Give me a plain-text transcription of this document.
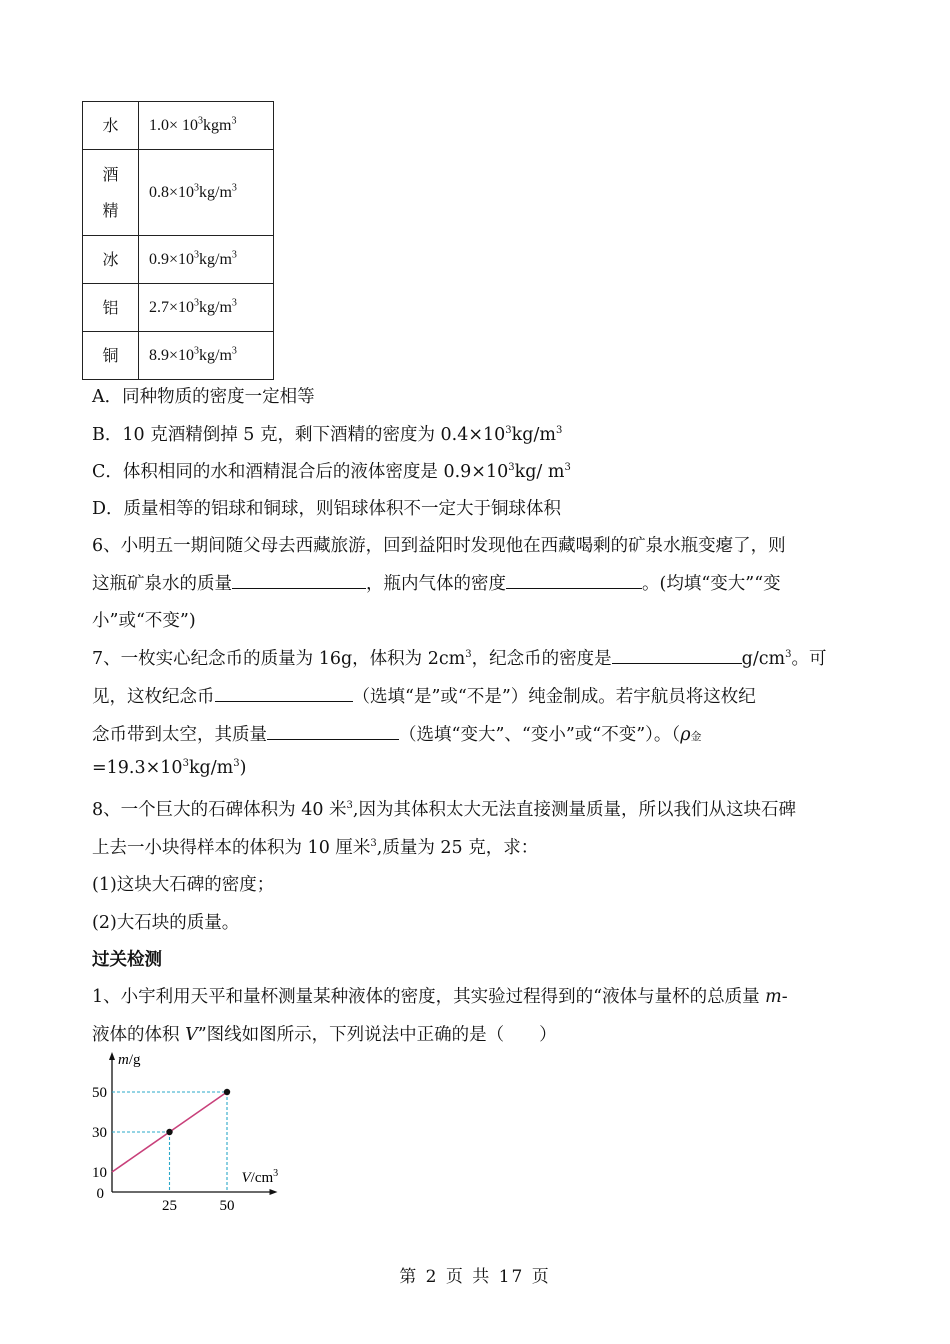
水	$1.0\times 10^3kgm^3$

酒
精	$0.8\times 10^3kg/m^3$

冰	$0.9\times 10^3kg/m^3$

铝	$2.7\times 10^3kg/m^3$

铜	$8.9\times 10^3kg/m^3$
A．同种物质的密度一定相等
B．10 克酒精倒掉 5 克，剩下酒精的密度为 $0.4\times 10^3kg/m^3$
C．体积相同的水和酒精混合后的液体密度是 $0.9\times 10^3kg/$ $m^3$
D．质量相等的铝球和铜球，则铝球体积不一定大于铜球体积
6、小明五一期间随父母去西藏旅游，回到益阳时发现他在西藏喝剩的矿泉水瓶变瘪了，则
这瓶矿泉水的质量	，瓶内气体的密度	。(均填“变大”“变
小”或“不变”)
7、一枚实心纪念币的质量为 16g，体积为 $2cm^3$，纪念币的密度是	$g/cm^3$。可
见，这枚纪念币	（选填“是”或“不是”）纯金制成。若宇航员将这枚纪
念币带到太空，其质量	（选填“变大”、“变小”或“不变”）。（ρ金
$=19.3\times 10^3kg/m^3$)
8、一个巨大的石碑体积为 40 米$^3$,因为其体积太大无法直接测量质量，所以我们从这块石碑
上去一小块得样本的体积为 10 厘米$^3$,质量为 25 克，求：
(1)这块大石碑的密度；
(2)大石块的质量。
过关检测
1、小宇利用天平和量杯测量某种液体的密度，其实验过程得到的“液体与量杯的总质量 m-
液体的体积 V”图线如图所示，下列说法中正确的是（　　）
10
30
50
25	50
0
m/g
$V/cm^3$
第 2 页 共 17 页
